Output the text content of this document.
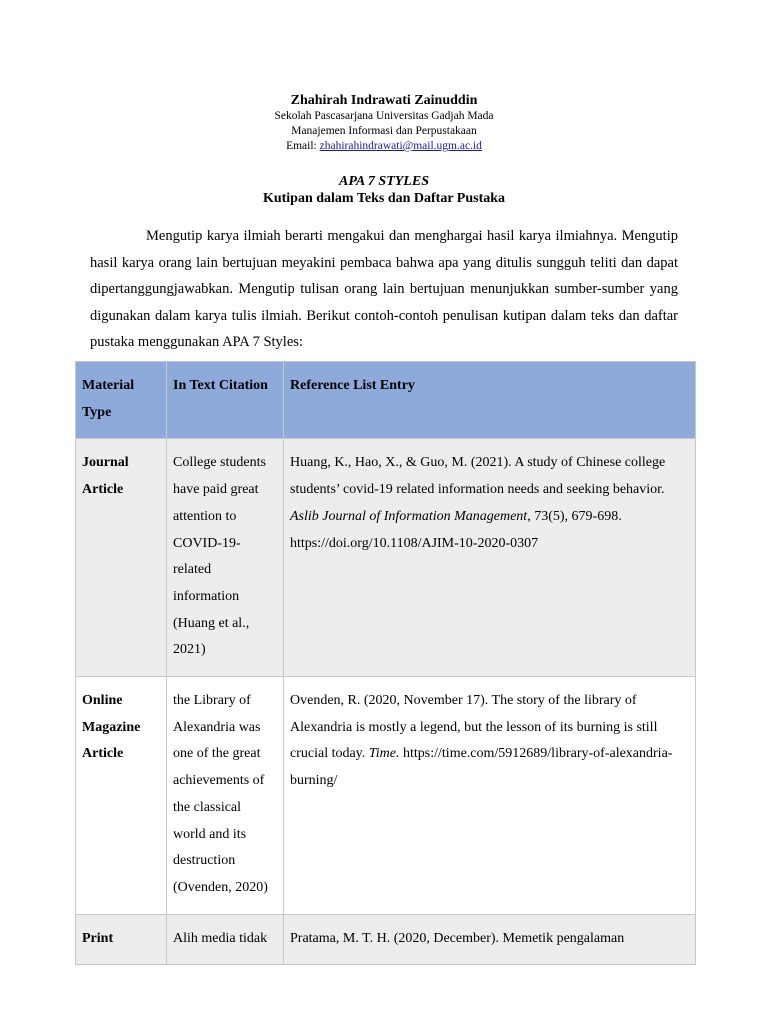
Zhahirah Indrawati Zainuddin
Sekolah Pascasarjana Universitas Gadjah Mada
Manajemen Informasi dan Perpustakaan
Email: zhahirahindrawati@mail.ugm.ac.id
APA 7 STYLES
Kutipan dalam Teks dan Daftar Pustaka

Mengutip karya ilmiah berarti mengakui dan menghargai hasil karya ilmiahnya. Mengutip hasil karya orang lain bertujuan meyakini pembaca bahwa apa yang ditulis sungguh teliti dan dapat dipertanggungjawabkan. Mengutip tulisan orang lain bertujuan menunjukkan sumber-sumber yang digunakan dalam karya tulis ilmiah. Berikut contoh-contoh penulisan kutipan dalam teks dan daftar pustaka menggunakan APA 7 Styles:

Material Type	In Text Citation	Reference List Entry
Journal Article	College students have paid great attention to COVID-19-related information (Huang et al., 2021)	Huang, K., Hao, X., & Guo, M. (2021). A study of Chinese college students’ covid-19 related information needs and seeking behavior. Aslib Journal of Information Management, 73(5), 679-698. https://doi.org/10.1108/AJIM-10-2020-0307
Online Magazine Article	the Library of Alexandria was one of the great achievements of the classical world and its destruction (Ovenden, 2020)	Ovenden, R. (2020, November 17). The story of the library of Alexandria is mostly a legend, but the lesson of its burning is still crucial today. Time. https://time.com/5912689/library-of-alexandria-burning/
Print	Alih media tidak	Pratama, M. T. H. (2020, December). Memetik pengalaman
